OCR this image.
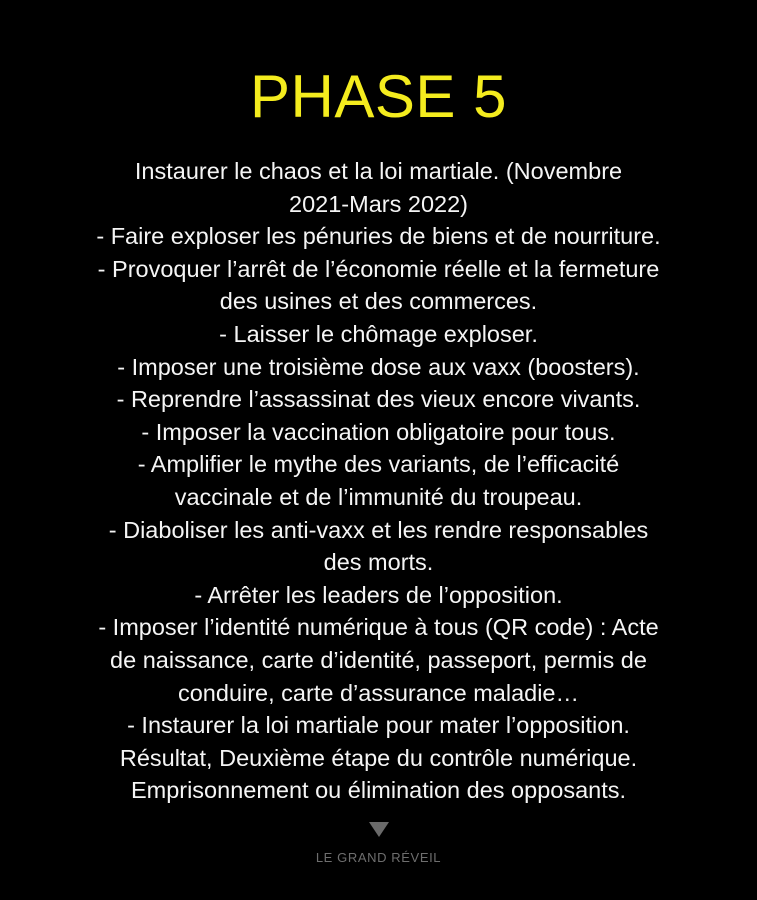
PHASE 5
Instaurer le chaos et la loi martiale. (Novembre
2021-Mars 2022)
- Faire exploser les pénuries de biens et de nourriture.
- Provoquer l’arrêt de l’économie réelle et la fermeture
des usines et des commerces.
- Laisser le chômage exploser.
- Imposer une troisième dose aux vaxx (boosters).
- Reprendre l’assassinat des vieux encore vivants.
- Imposer la vaccination obligatoire pour tous.
- Amplifier le mythe des variants, de l’efficacité
vaccinale et de l’immunité du troupeau.
- Diaboliser les anti-vaxx et les rendre responsables
des morts.
- Arrêter les leaders de l’opposition.
- Imposer l’identité numérique à tous (QR code) : Acte
de naissance, carte d’identité, passeport, permis de
conduire, carte d’assurance maladie…
- Instaurer la loi martiale pour mater l’opposition.
Résultat, Deuxième étape du contrôle numérique.
Emprisonnement ou élimination des opposants.
LE GRAND RÉVEIL
